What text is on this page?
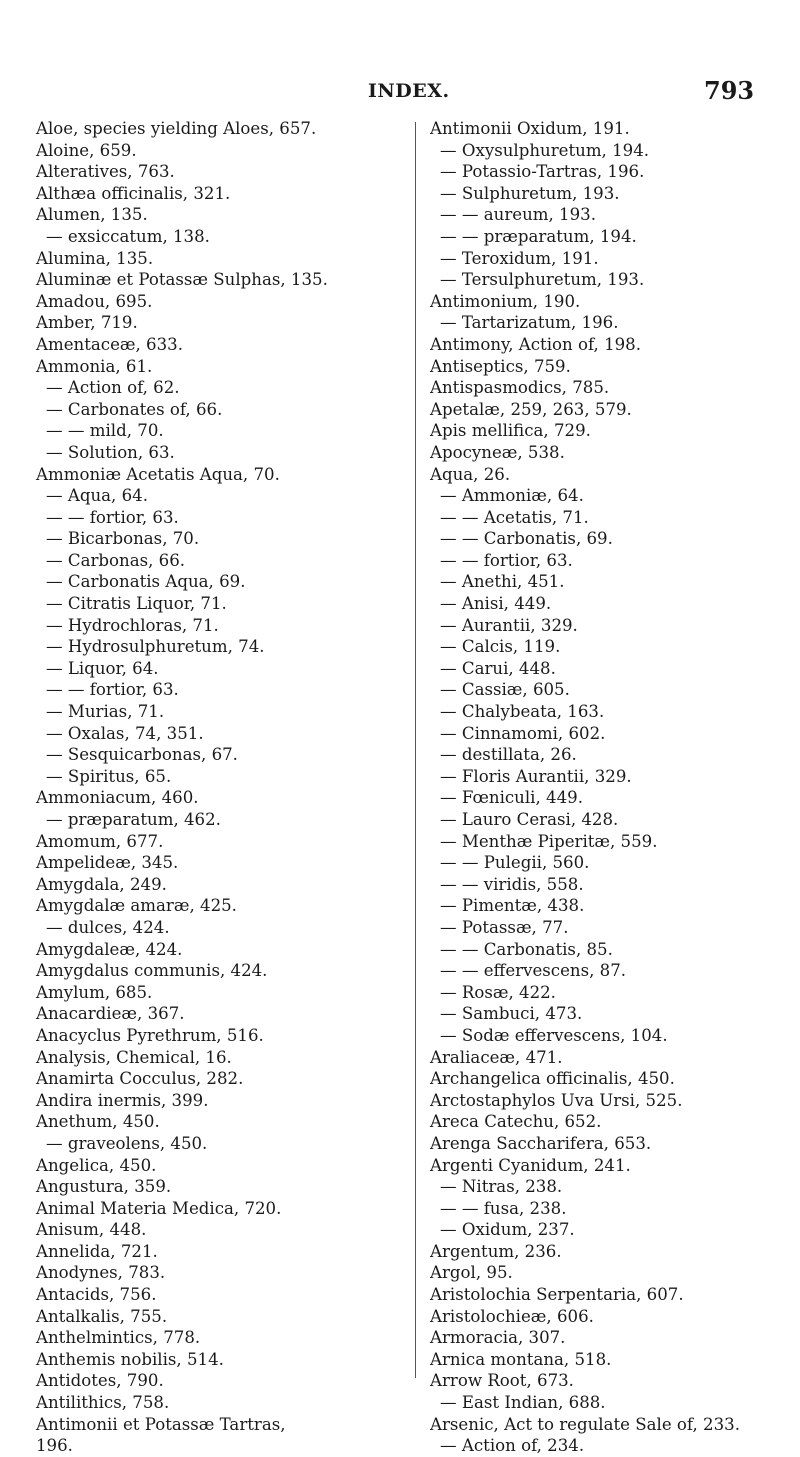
INDEX.	793
Aloe, species yielding Aloes, 657.
Aloine, 659.
Alteratives, 763.
Althæa officinalis, 321.
Alumen, 135.
— exsiccatum, 138.
Alumina, 135.
Aluminæ et Potassæ Sulphas, 135.
Amadou, 695.
Amber, 719.
Amentaceæ, 633.
Ammonia, 61.
— Action of, 62.
— Carbonates of, 66.
— — mild, 70.
— Solution, 63.
Ammoniæ Acetatis Aqua, 70.
— Aqua, 64.
— — fortior, 63.
— Bicarbonas, 70.
— Carbonas, 66.
— Carbonatis Aqua, 69.
— Citratis Liquor, 71.
— Hydrochloras, 71.
— Hydrosulphuretum, 74.
— Liquor, 64.
— — fortior, 63.
— Murias, 71.
— Oxalas, 74, 351.
— Sesquicarbonas, 67.
— Spiritus, 65.
Ammoniacum, 460.
— præparatum, 462.
Amomum, 677.
Ampelideæ, 345.
Amygdala, 249.
Amygdalæ amaræ, 425.
— dulces, 424.
Amygdaleæ, 424.
Amygdalus communis, 424.
Amylum, 685.
Anacardieæ, 367.
Anacyclus Pyrethrum, 516.
Analysis, Chemical, 16.
Anamirta Cocculus, 282.
Andira inermis, 399.
Anethum, 450.
— graveolens, 450.
Angelica, 450.
Angustura, 359.
Animal Materia Medica, 720.
Anisum, 448.
Annelida, 721.
Anodynes, 783.
Antacids, 756.
Antalkalis, 755.
Anthelmintics, 778.
Anthemis nobilis, 514.
Antidotes, 790.
Antilithics, 758.
Antimonii et Potassæ Tartras,
196.
Antimonii Oxidum, 191.
— Oxysulphuretum, 194.
— Potassio-Tartras, 196.
— Sulphuretum, 193.
— — aureum, 193.
— — præparatum, 194.
— Teroxidum, 191.
— Tersulphuretum, 193.
Antimonium, 190.
— Tartarizatum, 196.
Antimony, Action of, 198.
Antiseptics, 759.
Antispasmodics, 785.
Apetalæ, 259, 263, 579.
Apis mellifica, 729.
Apocyneæ, 538.
Aqua, 26.
— Ammoniæ, 64.
— — Acetatis, 71.
— — Carbonatis, 69.
— — fortior, 63.
— Anethi, 451.
— Anisi, 449.
— Aurantii, 329.
— Calcis, 119.
— Carui, 448.
— Cassiæ, 605.
— Chalybeata, 163.
— Cinnamomi, 602.
— destillata, 26.
— Floris Aurantii, 329.
— Fœniculi, 449.
— Lauro Cerasi, 428.
— Menthæ Piperitæ, 559.
— — Pulegii, 560.
— — viridis, 558.
— Pimentæ, 438.
— Potassæ, 77.
— — Carbonatis, 85.
— — effervescens, 87.
— Rosæ, 422.
— Sambuci, 473.
— Sodæ effervescens, 104.
Araliaceæ, 471.
Archangelica officinalis, 450.
Arctostaphylos Uva Ursi, 525.
Areca Catechu, 652.
Arenga Saccharifera, 653.
Argenti Cyanidum, 241.
— Nitras, 238.
— — fusa, 238.
— Oxidum, 237.
Argentum, 236.
Argol, 95.
Aristolochia Serpentaria, 607.
Aristolochieæ, 606.
Armoracia, 307.
Arnica montana, 518.
Arrow Root, 673.
— East Indian, 688.
Arsenic, Act to regulate Sale of, 233.
— Action of, 234.
